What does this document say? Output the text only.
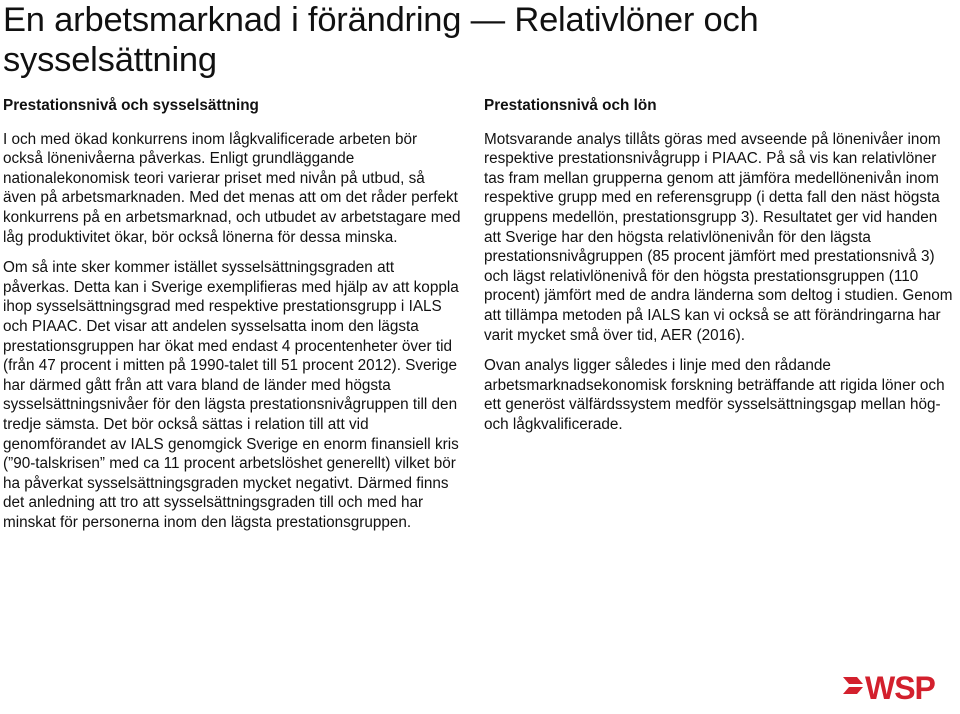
En arbetsmarknad i förändring — Relativlöner och sysselsättning
Prestationsnivå och sysselsättning

I och med ökad konkurrens inom lågkvalificerade arbeten bör också lönenivåerna påverkas. Enligt grundläggande nationalekonomisk teori varierar priset med nivån på utbud, så även på arbetsmarknaden. Med det menas att om det råder perfekt konkurrens på en arbetsmarknad, och utbudet av arbetstagare med låg produktivitet ökar, bör också lönerna för dessa minska.

Om så inte sker kommer istället sysselsättningsgraden att påverkas. Detta kan i Sverige exemplifieras med hjälp av att koppla ihop sysselsättningsgrad med respektive prestationsgrupp i IALS och PIAAC. Det visar att andelen sysselsatta inom den lägsta prestationsgruppen har ökat med endast 4 procentenheter över tid (från 47 procent i mitten på 1990-talet till 51 procent 2012). Sverige har därmed gått från att vara bland de länder med högsta sysselsättningsnivåer för den lägsta prestationsnivågruppen till den tredje sämsta. Det bör också sättas i relation till att vid genomförandet av IALS genomgick Sverige en enorm finansiell kris (”90-talskrisen” med ca 11 procent arbetslöshet generellt) vilket bör ha påverkat sysselsättningsgraden mycket negativt. Därmed finns det anledning att tro att sysselsättningsgraden till och med har minskat för personerna inom den lägsta prestationsgruppen.

Prestationsnivå och lön

Motsvarande analys tillåts göras med avseende på lönenivåer inom respektive prestationsnivågrupp i PIAAC. På så vis kan relativlöner tas fram mellan grupperna genom att jämföra medellönenivån inom respektive grupp med en referensgrupp (i detta fall den näst högsta gruppens medellön, prestationsgrupp 3). Resultatet ger vid handen att Sverige har den högsta relativlönenivån för den lägsta prestationsnivågruppen (85 procent jämfört med prestationsnivå 3) och lägst relativlönenivå för den högsta prestationsgruppen (110 procent) jämfört med de andra länderna som deltog i studien. Genom att tillämpa metoden på IALS kan vi också se att förändringarna har varit mycket små över tid, AER (2016).

Ovan analys ligger således i linje med den rådande arbetsmarknadsekonomisk forskning beträffande att rigida löner och ett generöst välfärdssystem medför sysselsättningsgap mellan hög- och lågkvalificerade.

WSP
